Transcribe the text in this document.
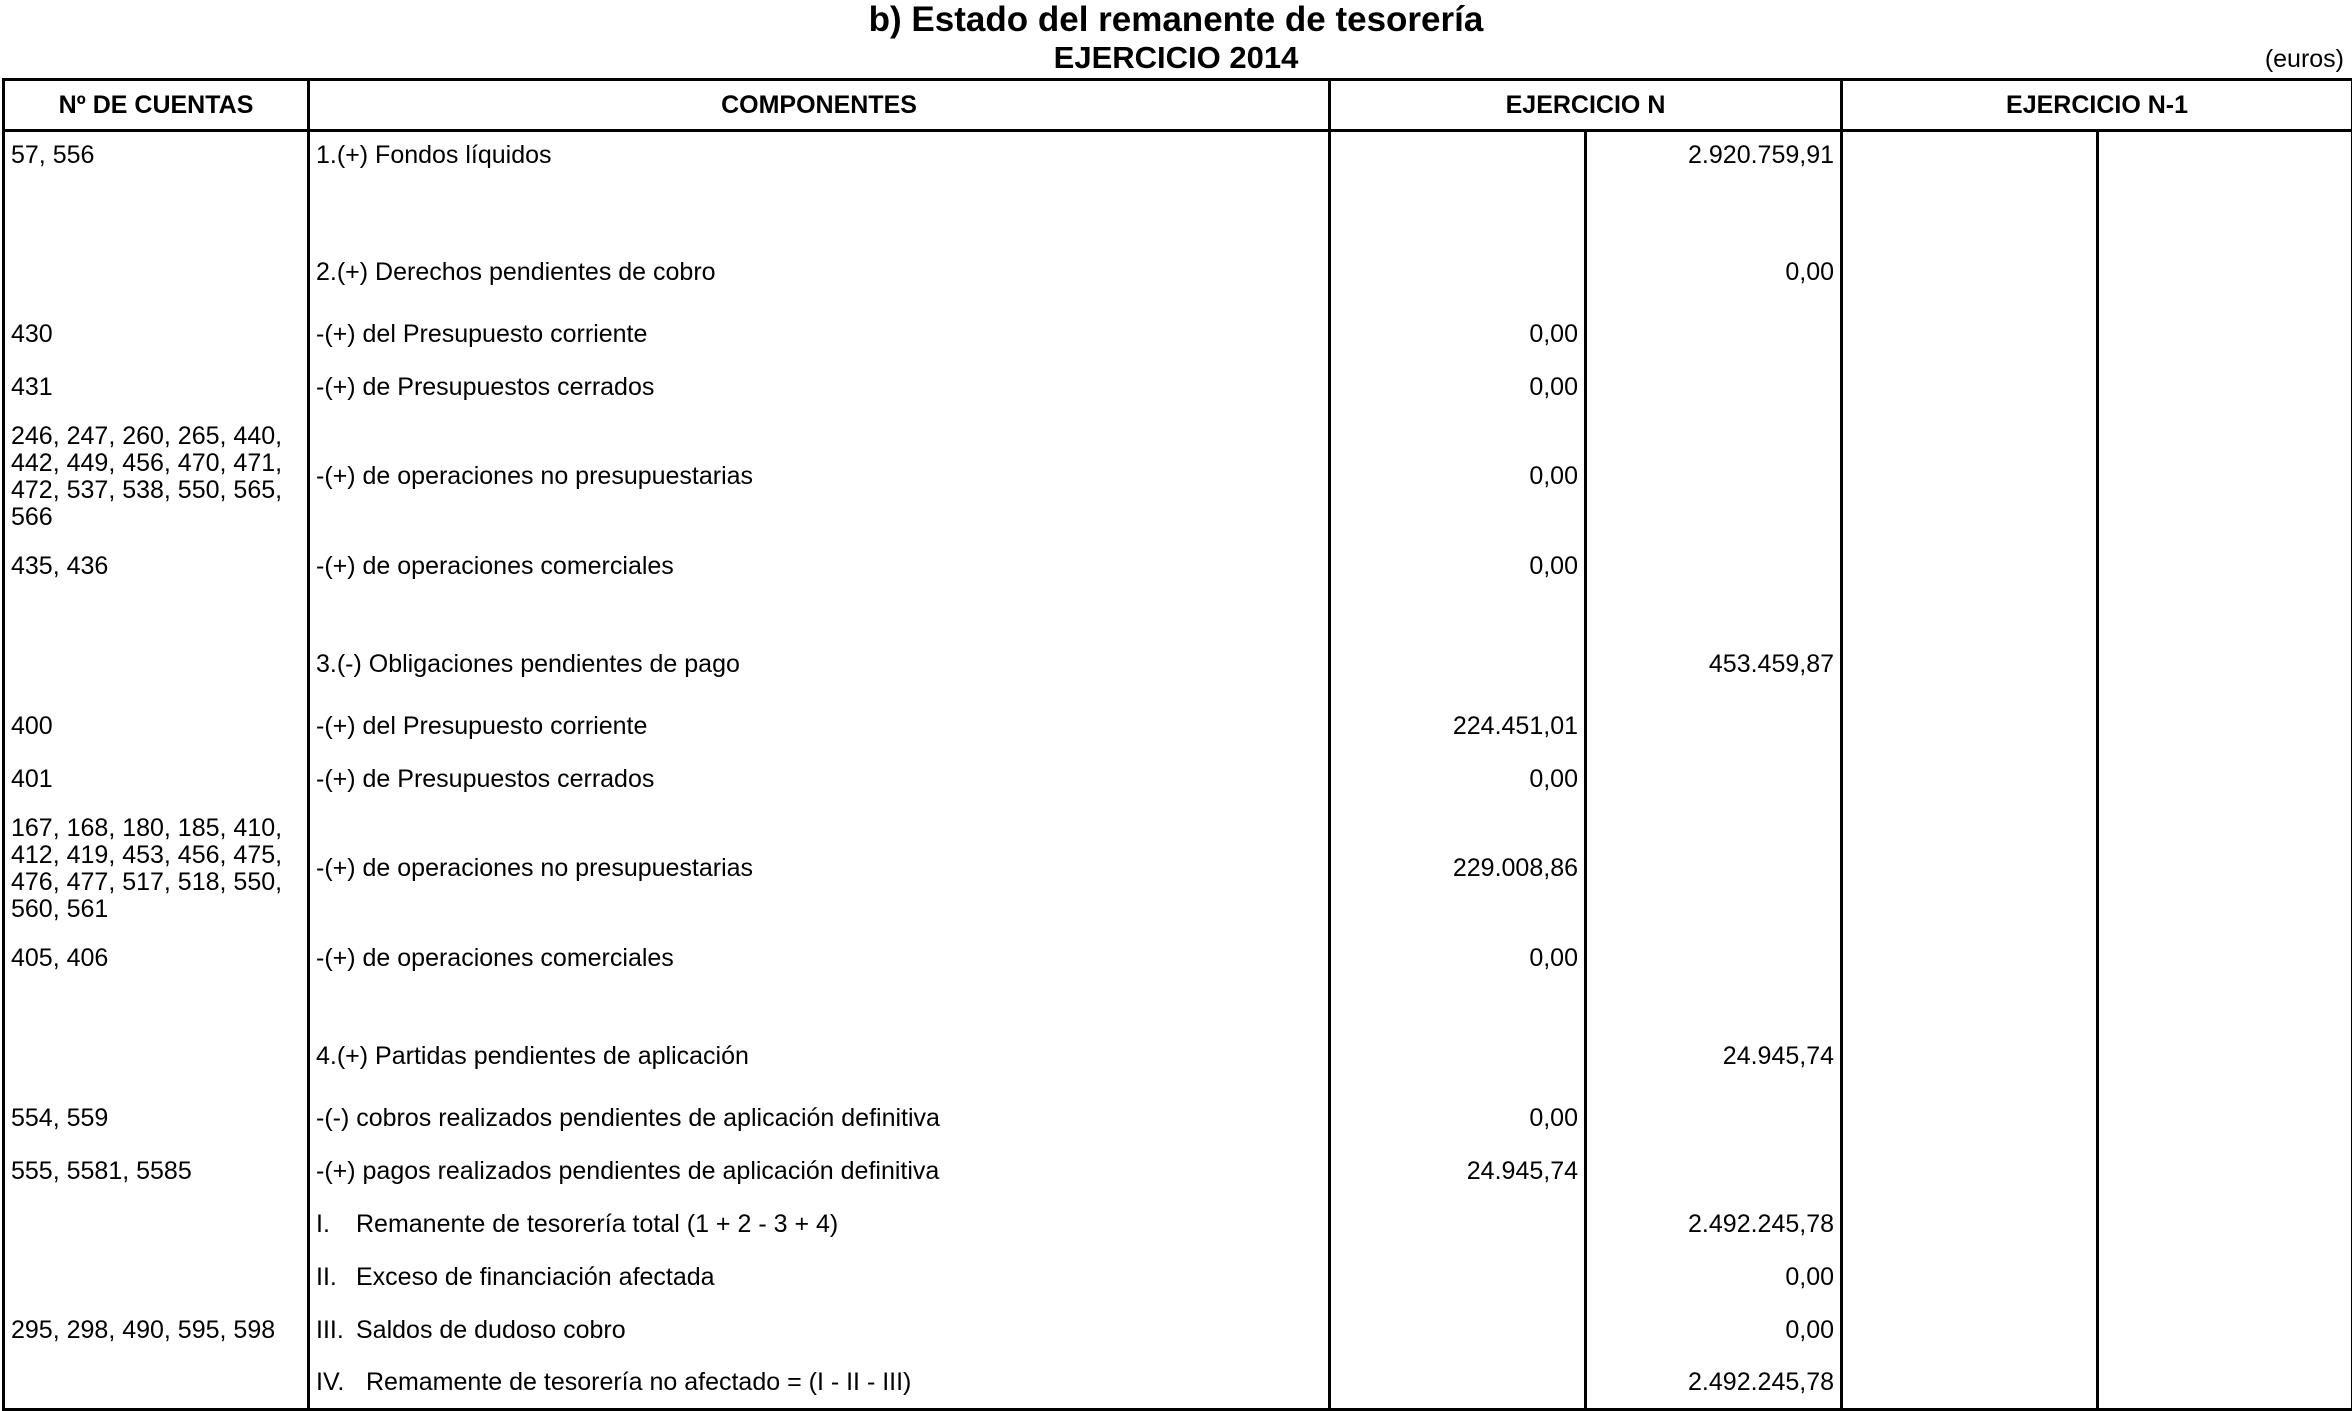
b) Estado del remanente de tesorería
EJERCICIO 2014	(euros)
Nº DE CUENTAS	COMPONENTES	EJERCICIO N		EJERCICIO N-1	
57, 556	1.(+) Fondos líquidos		2.920.759,91		

	2.(+) Derechos pendientes de cobro		0,00		
430	-(+) del Presupuesto corriente	0,00			
431	-(+) de Presupuestos cerrados	0,00			
246, 247, 260, 265, 440, 442, 449, 456, 470, 471, 472, 537, 538, 550, 565, 566	-(+) de operaciones no presupuestarias	0,00			
435, 436	-(+) de operaciones comerciales	0,00			

	3.(-) Obligaciones pendientes de pago		453.459,87		
400	-(+) del Presupuesto corriente	224.451,01			
401	-(+) de Presupuestos cerrados	0,00			
167, 168, 180, 185, 410, 412, 419, 453, 456, 475, 476, 477, 517, 518, 550, 560, 561	-(+) de operaciones no presupuestarias	229.008,86			
405, 406	-(+) de operaciones comerciales	0,00			

	4.(+) Partidas pendientes de aplicación		24.945,74		
554, 559	-(-) cobros realizados pendientes de aplicación definitiva	0,00			
555, 5581, 5585	-(+) pagos realizados pendientes de aplicación definitiva	24.945,74			
	I. Remanente de tesorería total (1 + 2 - 3 + 4)		2.492.245,78		
	II. Exceso de financiación afectada		0,00		
295, 298, 490, 595, 598	III. Saldos de dudoso cobro		0,00		
	IV. Remamente de tesorería no afectado = (I - II - III)		2.492.245,78		
